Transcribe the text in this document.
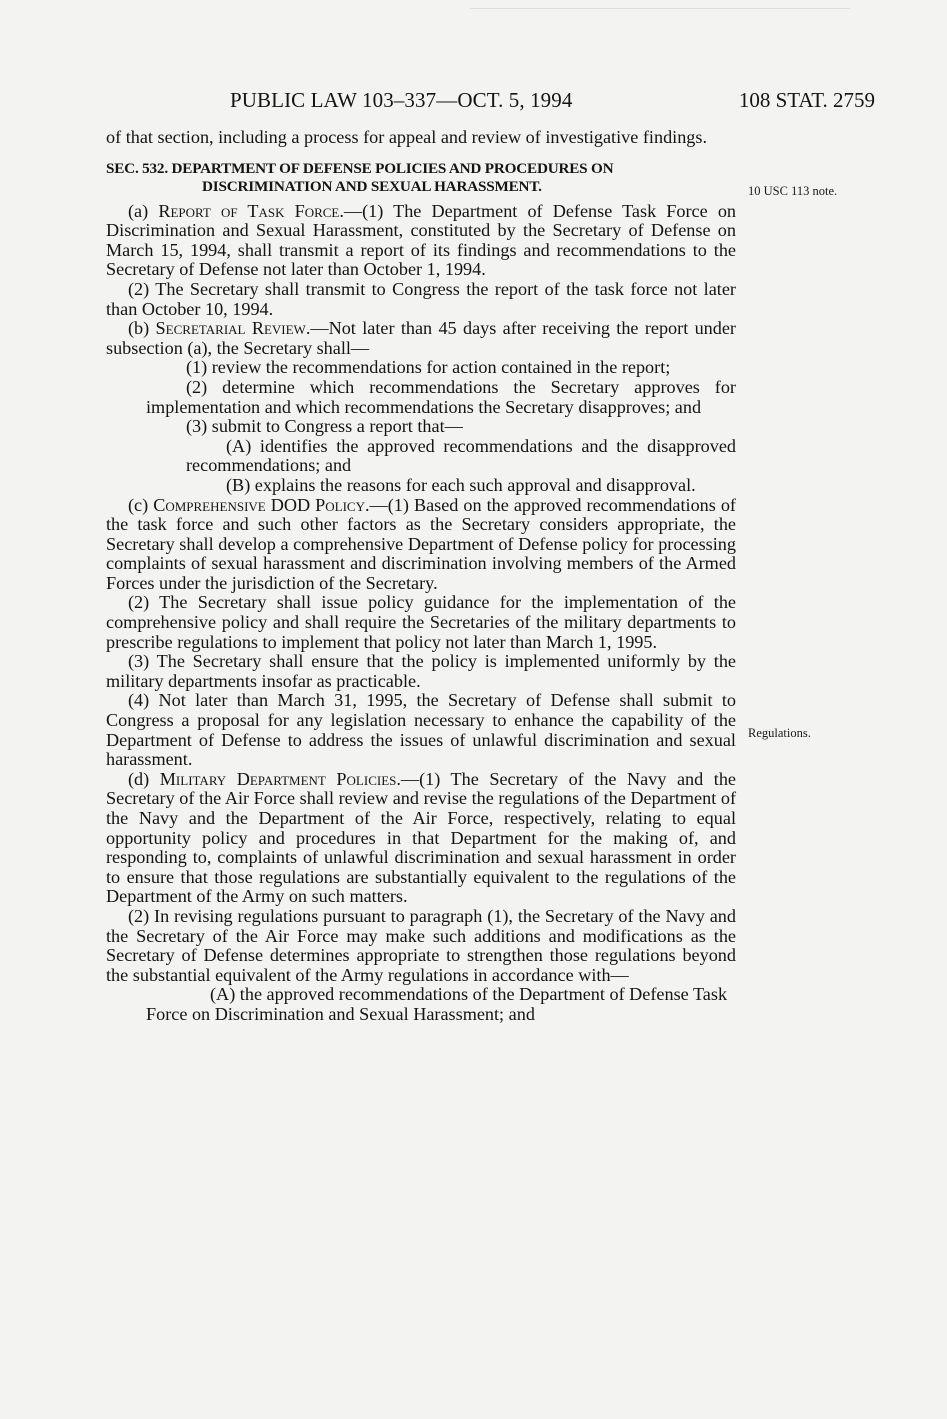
PUBLIC LAW 103–337—OCT. 5, 1994	108 STAT. 2759
10 USC 113 note.
Regulations.

of that section, including a process for appeal and review of investigative findings.

SEC. 532. DEPARTMENT OF DEFENSE POLICIES AND PROCEDURES ON DISCRIMINATION AND SEXUAL HARASSMENT.

(a) Report of Task Force.—(1) The Department of Defense Task Force on Discrimination and Sexual Harassment, constituted by the Secretary of Defense on March 15, 1994, shall transmit a report of its findings and recommendations to the Secretary of Defense not later than October 1, 1994.

(2) The Secretary shall transmit to Congress the report of the task force not later than October 10, 1994.

(b) Secretarial Review.—Not later than 45 days after receiving the report under subsection (a), the Secretary shall—

(1) review the recommendations for action contained in the report;

(2) determine which recommendations the Secretary approves for implementation and which recommendations the Secretary disapproves; and

(3) submit to Congress a report that—

(A) identifies the approved recommendations and the disapproved recommendations; and

(B) explains the reasons for each such approval and disapproval.

(c) Comprehensive DOD Policy.—(1) Based on the approved recommendations of the task force and such other factors as the Secretary considers appropriate, the Secretary shall develop a comprehensive Department of Defense policy for processing complaints of sexual harassment and discrimination involving members of the Armed Forces under the jurisdiction of the Secretary.

(2) The Secretary shall issue policy guidance for the implementation of the comprehensive policy and shall require the Secretaries of the military departments to prescribe regulations to implement that policy not later than March 1, 1995.

(3) The Secretary shall ensure that the policy is implemented uniformly by the military departments insofar as practicable.

(4) Not later than March 31, 1995, the Secretary of Defense shall submit to Congress a proposal for any legislation necessary to enhance the capability of the Department of Defense to address the issues of unlawful discrimination and sexual harassment.

(d) Military Department Policies.—(1) The Secretary of the Navy and the Secretary of the Air Force shall review and revise the regulations of the Department of the Navy and the Department of the Air Force, respectively, relating to equal opportunity policy and procedures in that Department for the making of, and responding to, complaints of unlawful discrimination and sexual harassment in order to ensure that those regulations are substantially equivalent to the regulations of the Department of the Army on such matters.

(2) In revising regulations pursuant to paragraph (1), the Secretary of the Navy and the Secretary of the Air Force may make such additions and modifications as the Secretary of Defense determines appropriate to strengthen those regulations beyond the substantial equivalent of the Army regulations in accordance with—

(A) the approved recommendations of the Department of Defense Task Force on Discrimination and Sexual Harassment; and
